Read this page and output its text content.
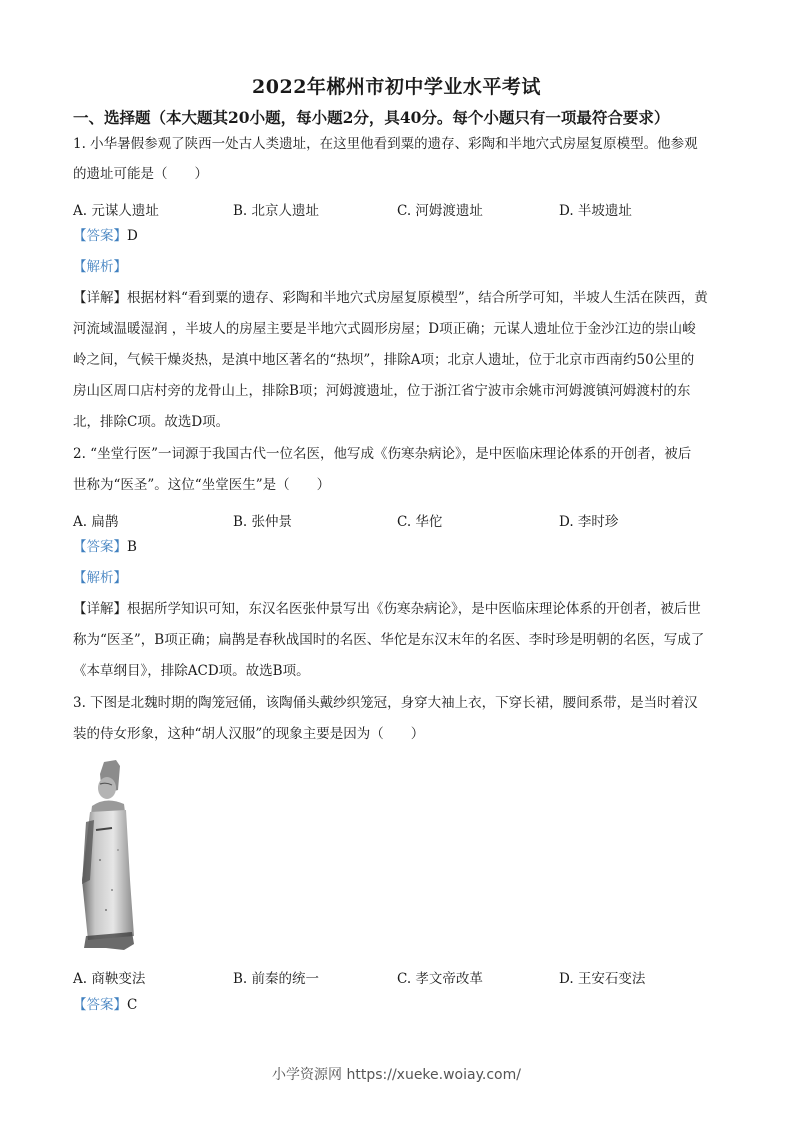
2022年郴州市初中学业水平考试
一、选择题（本大题其20小题，每小题2分，具40分。每个小题只有一项最符合要求）
1. 小华暑假参观了陕西一处古人类遗址，在这里他看到粟的遗存、彩陶和半地穴式房屋复原模型。他参观
的遗址可能是（　　）
A. 元谋人遗址	B. 北京人遗址	C. 河姆渡遗址	D. 半坡遗址
【答案】D
【解析】
【详解】根据材料“看到粟的遗存、彩陶和半地穴式房屋复原模型”，结合所学可知，半坡人生活在陕西，黄
河流域温暖湿润 ，半坡人的房屋主要是半地穴式圆形房屋；D项正确；元谋人遗址位于金沙江边的崇山峻
岭之间，气候干燥炎热，是滇中地区著名的“热坝”，排除A项；北京人遗址，位于北京市西南约50公里的
房山区周口店村旁的龙骨山上，排除B项；河姆渡遗址，位于浙江省宁波市余姚市河姆渡镇河姆渡村的东
北，排除C项。故选D项。
2. “坐堂行医”一词源于我国古代一位名医，他写成《伤寒杂病论》，是中医临床理论体系的开创者，被后
世称为“医圣”。这位“坐堂医生”是（　　）
A. 扁鹊	B. 张仲景	C. 华佗	D. 李时珍
【答案】B
【解析】
【详解】根据所学知识可知，东汉名医张仲景写出《伤寒杂病论》，是中医临床理论体系的开创者，被后世
称为“医圣”，B项正确；扁鹊是春秋战国时的名医、华佗是东汉末年的名医、李时珍是明朝的名医，写成了
《本草纲目》，排除ACD项。故选B项。
3. 下图是北魏时期的陶笼冠俑，该陶俑头戴纱织笼冠，身穿大袖上衣，下穿长裙，腰间系带，是当时着汉
装的侍女形象，这种“胡人汉服”的现象主要是因为（　　）
A. 商鞅变法	B. 前秦的统一	C. 孝文帝改革	D. 王安石变法
【答案】C
小学资源网 https://xueke.woiay.com/
